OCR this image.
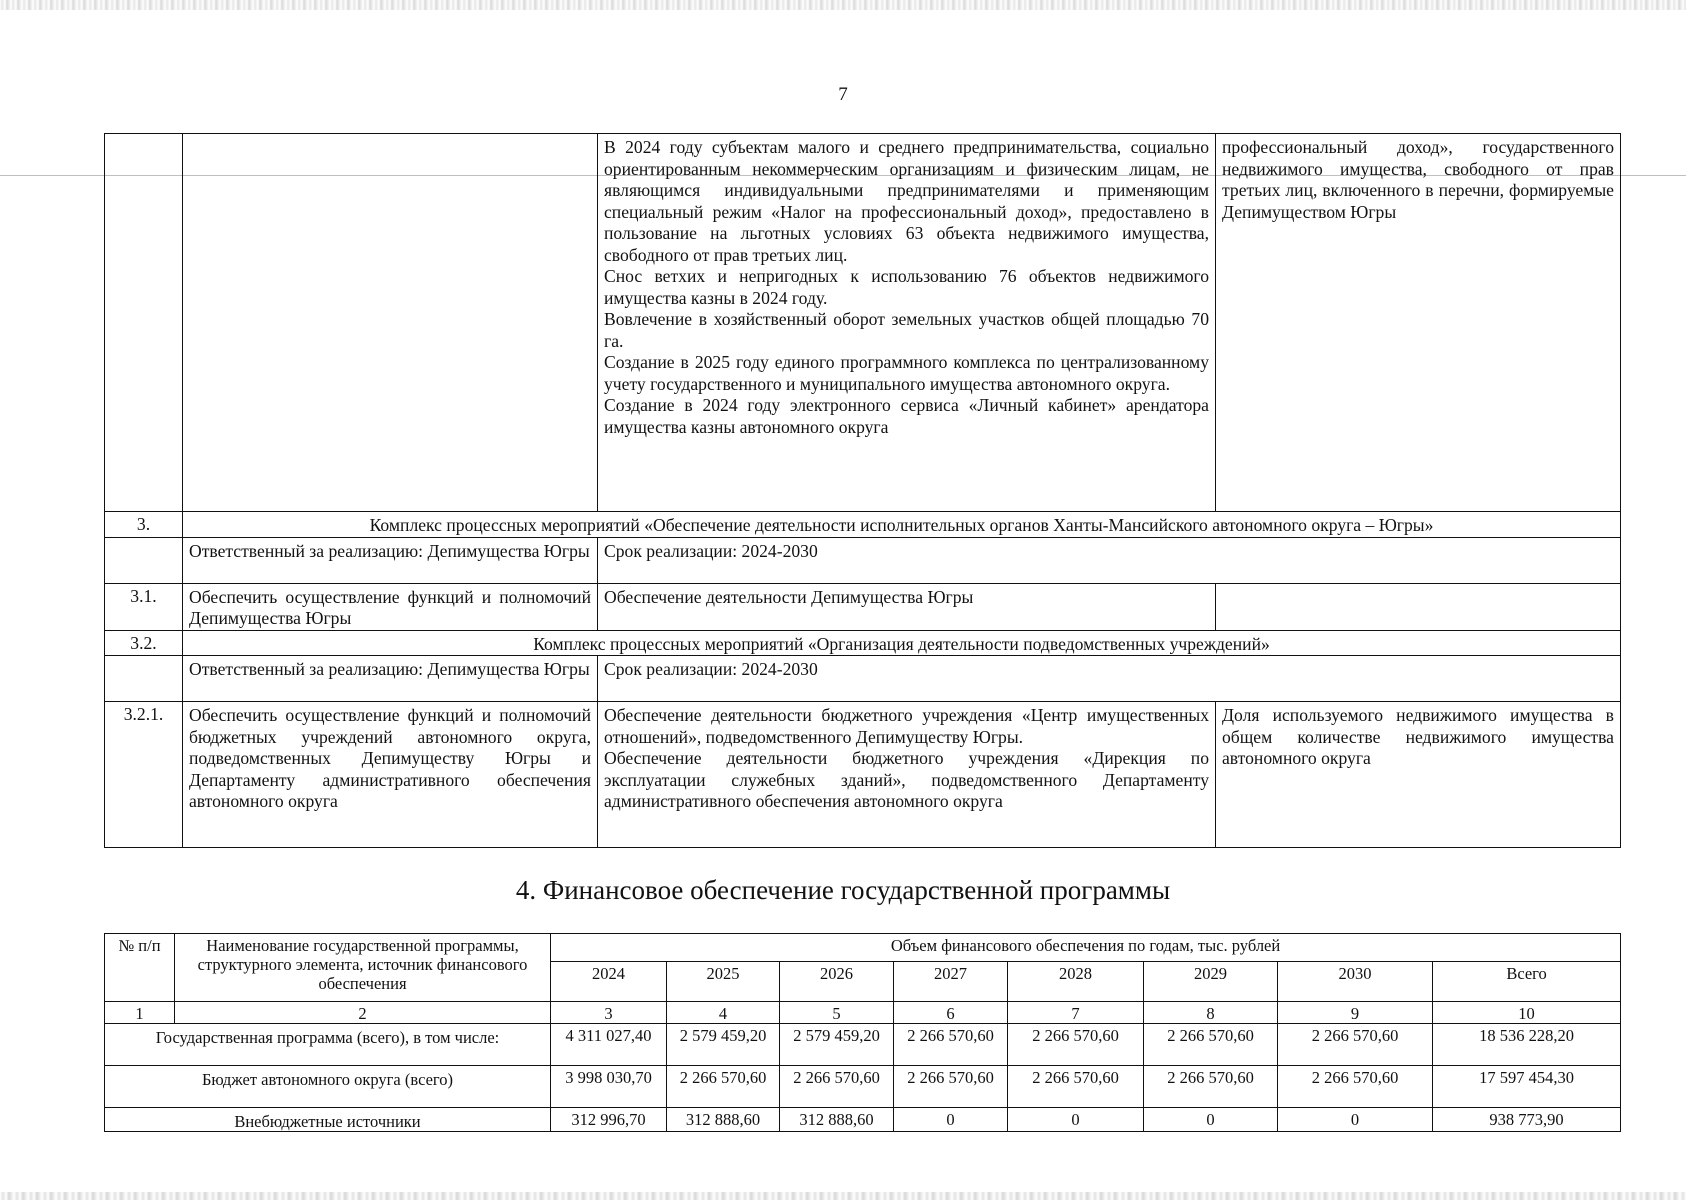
7

		В 2024 году субъектам малого и среднего предпринимательства, социально ориентированным некоммерческим организациям и физическим лицам, не являющимся индивидуальными предпринимателями и применяющим специальный режим «Налог на профессиональный доход», предоставлено в пользование на льготных условиях 63 объекта недвижимого имущества, свободного от прав третьих лиц.
Снос ветхих и непригодных к использованию 76 объектов недвижимого имущества казны в 2024 году.
Вовлечение в хозяйственный оборот земельных участков общей площадью 70 га.
Создание в 2025 году единого программного комплекса по централизованному учету государственного и муниципального имущества автономного округа.
Создание в 2024 году электронного сервиса «Личный кабинет» арендатора имущества казны автономного округа	профессиональный доход», государственного недвижимого имущества, свободного от прав третьих лиц, включенного в перечни, формируемые Депимуществом Югры
3.	Комплекс процессных мероприятий «Обеспечение деятельности исполнительных органов Ханты-Мансийского автономного округа – Югры»		
	Ответственный за реализацию: Депимущества Югры	Срок реализации: 2024-2030	
3.1.	Обеспечить осуществление функций и полномочий Депимущества Югры	Обеспечение деятельности Депимущества Югры	
3.2.	Комплекс процессных мероприятий «Организация деятельности подведомственных учреждений»		
	Ответственный за реализацию: Депимущества Югры	Срок реализации: 2024-2030	
3.2.1.	Обеспечить осуществление функций и полномочий бюджетных учреждений автономного округа, подведомственных Депимуществу Югры и Департаменту административного обеспечения автономного округа	Обеспечение деятельности бюджетного учреждения «Центр имущественных отношений», подведомственного Депимуществу Югры.
Обеспечение деятельности бюджетного учреждения «Дирекция по эксплуатации служебных зданий», подведомственного Департаменту административного обеспечения автономного округа	Доля используемого недвижимого имущества в общем количестве недвижимого имущества автономного округа
4. Финансовое обеспечение государственной программы
№ п/п	Наименование государственной программы, структурного элемента, источник финансового обеспечения	Объем финансового обеспечения по годам, тыс. рублей							
		2024	2025	2026	2027	2028	2029	2030	Всего
1	2	3	4	5	6	7	8	9	10
Государственная программа (всего), в том числе:		4 311 027,40	2 579 459,20	2 579 459,20	2 266 570,60	2 266 570,60	2 266 570,60	2 266 570,60	18 536 228,20
Бюджет автономного округа (всего)		3 998 030,70	2 266 570,60	2 266 570,60	2 266 570,60	2 266 570,60	2 266 570,60	2 266 570,60	17 597 454,30
Внебюджетные источники		312 996,70	312 888,60	312 888,60	0	0	0	0	938 773,90
